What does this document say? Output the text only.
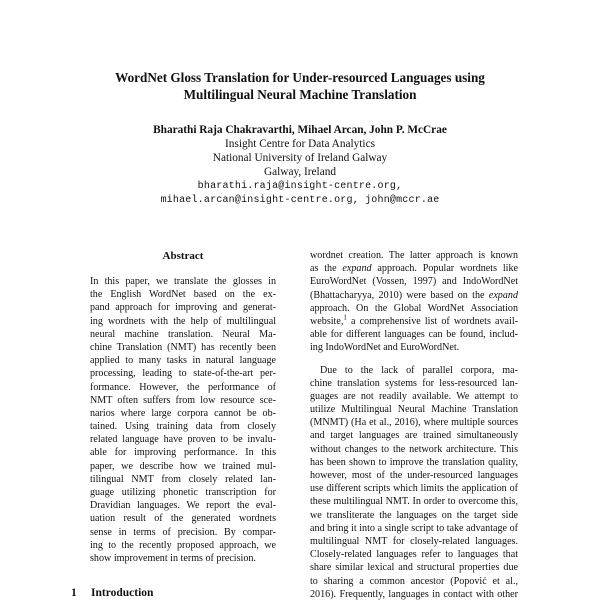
WordNet Gloss Translation for Under-resourced Languages using
Multilingual Neural Machine Translation
Bharathi Raja Chakravarthi, Mihael Arcan, John P. McCrae
Insight Centre for Data Analytics
National University of Ireland Galway
Galway, Ireland
bharathi.raja@insight-centre.org,
mihael.arcan@insight-centre.org, john@mccr.ae
Abstract
In this paper, we translate the glosses in
the English WordNet based on the ex-
pand approach for improving and generat-
ing wordnets with the help of multilingual
neural machine translation. Neural Ma-
chine Translation (NMT) has recently been
applied to many tasks in natural language
processing, leading to state-of-the-art per-
formance. However, the performance of
NMT often suffers from low resource sce-
narios where large corpora cannot be ob-
tained. Using training data from closely
related language have proven to be invalu-
able for improving performance. In this
paper, we describe how we trained mul-
tilingual NMT from closely related lan-
guage utilizing phonetic transcription for
Dravidian languages. We report the eval-
uation result of the generated wordnets
sense in terms of precision. By compar-
ing to the recently proposed approach, we
show improvement in terms of precision.
wordnet creation. The latter approach is known
as the expand approach. Popular wordnets like
EuroWordNet (Vossen, 1997) and IndoWordNet
(Bhattacharyya, 2010) were based on the expand
approach. On the Global WordNet Association
website,$^1$ a comprehensive list of wordnets avail-
able for different languages can be found, includ-
ing IndoWordNet and EuroWordNet.
Due to the lack of parallel corpora, ma-
chine translation systems for less-resourced lan-
guages are not readily available. We attempt to
utilize Multilingual Neural Machine Translation
(MNMT) (Ha et al., 2016), where multiple sources
and target languages are trained simultaneously
without changes to the network architecture. This
has been shown to improve the translation quality,
however, most of the under-resourced languages
use different scripts which limits the application of
these multilingual NMT. In order to overcome this,
we transliterate the languages on the target side
and bring it into a single script to take advantage of
multilingual NMT for closely-related languages.
Closely-related languages refer to languages that
share similar lexical and structural properties due
to sharing a common ancestor (Popović et al.,
2016). Frequently, languages in contact with other
1 Introduction
